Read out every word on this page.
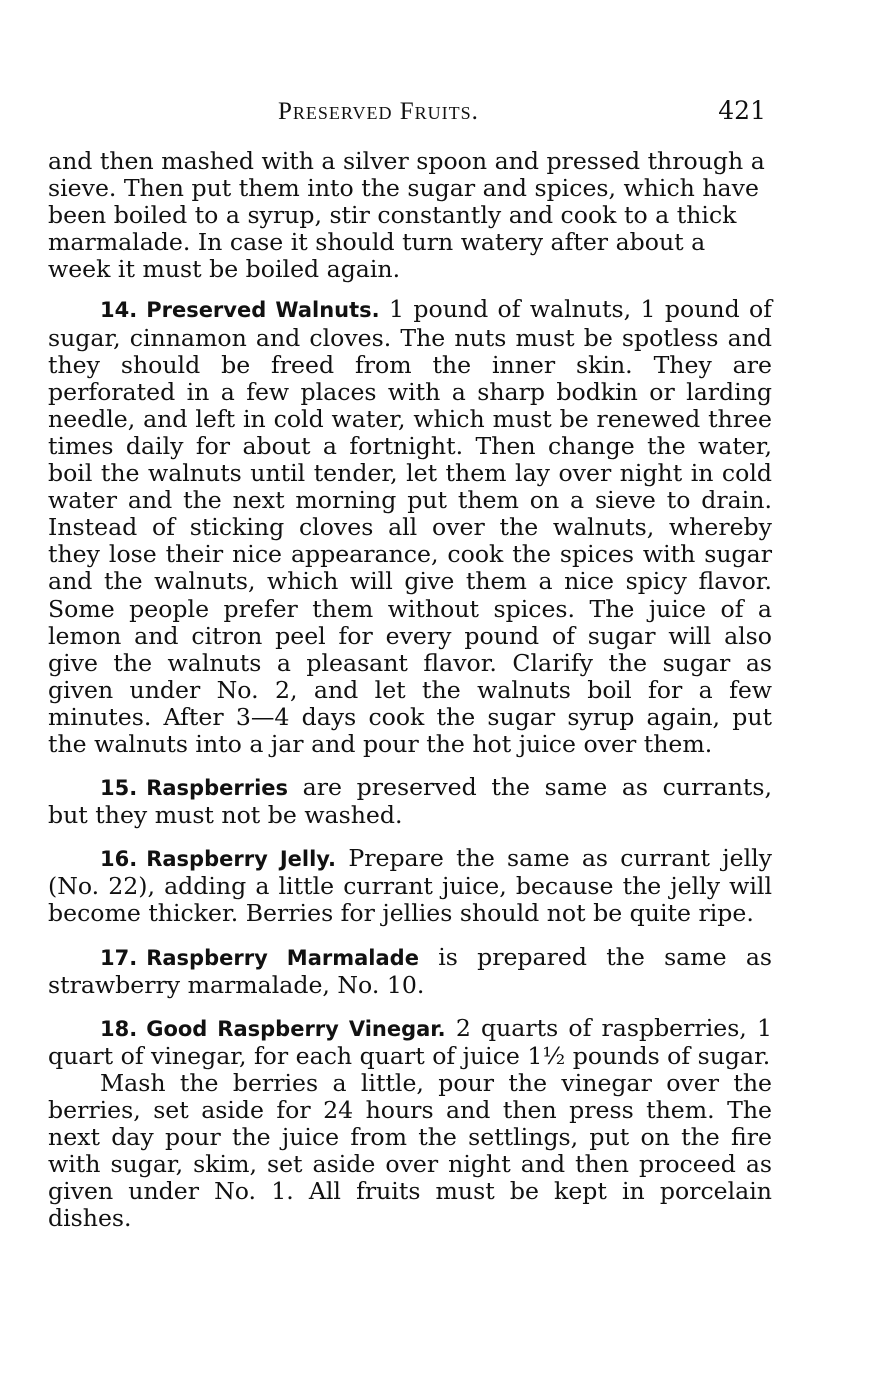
Preserved Fruits.	421

and then mashed with a silver spoon and pressed through a sieve. Then put them into the sugar and spices, which have been boiled to a syrup, stir constantly and cook to a thick marmalade. In case it should turn watery after about a week it must be boiled again.

14. Preserved Walnuts. 1 pound of walnuts, 1 pound of sugar, cinnamon and cloves. The nuts must be spotless and they should be freed from the inner skin. They are perforated in a few places with a sharp bodkin or larding needle, and left in cold water, which must be renewed three times daily for about a fortnight. Then change the water, boil the walnuts until tender, let them lay over night in cold water and the next morning put them on a sieve to drain. Instead of sticking cloves all over the walnuts, whereby they lose their nice appearance, cook the spices with sugar and the walnuts, which will give them a nice spicy flavor. Some people prefer them without spices. The juice of a lemon and citron peel for every pound of sugar will also give the walnuts a pleasant flavor. Clarify the sugar as given under No. 2, and let the walnuts boil for a few minutes. After 3—4 days cook the sugar syrup again, put the walnuts into a jar and pour the hot juice over them.

15. Raspberries are preserved the same as currants, but they must not be washed.

16. Raspberry Jelly. Prepare the same as currant jelly (No. 22), adding a little currant juice, because the jelly will become thicker. Berries for jellies should not be quite ripe.

17. Raspberry Marmalade is prepared the same as strawberry marmalade, No. 10.

18. Good Raspberry Vinegar. 2 quarts of raspberries, 1 quart of vinegar, for each quart of juice 1½ pounds of sugar.

Mash the berries a little, pour the vinegar over the berries, set aside for 24 hours and then press them. The next day pour the juice from the settlings, put on the fire with sugar, skim, set aside over night and then proceed as given under No. 1. All fruits must be kept in porcelain dishes.
